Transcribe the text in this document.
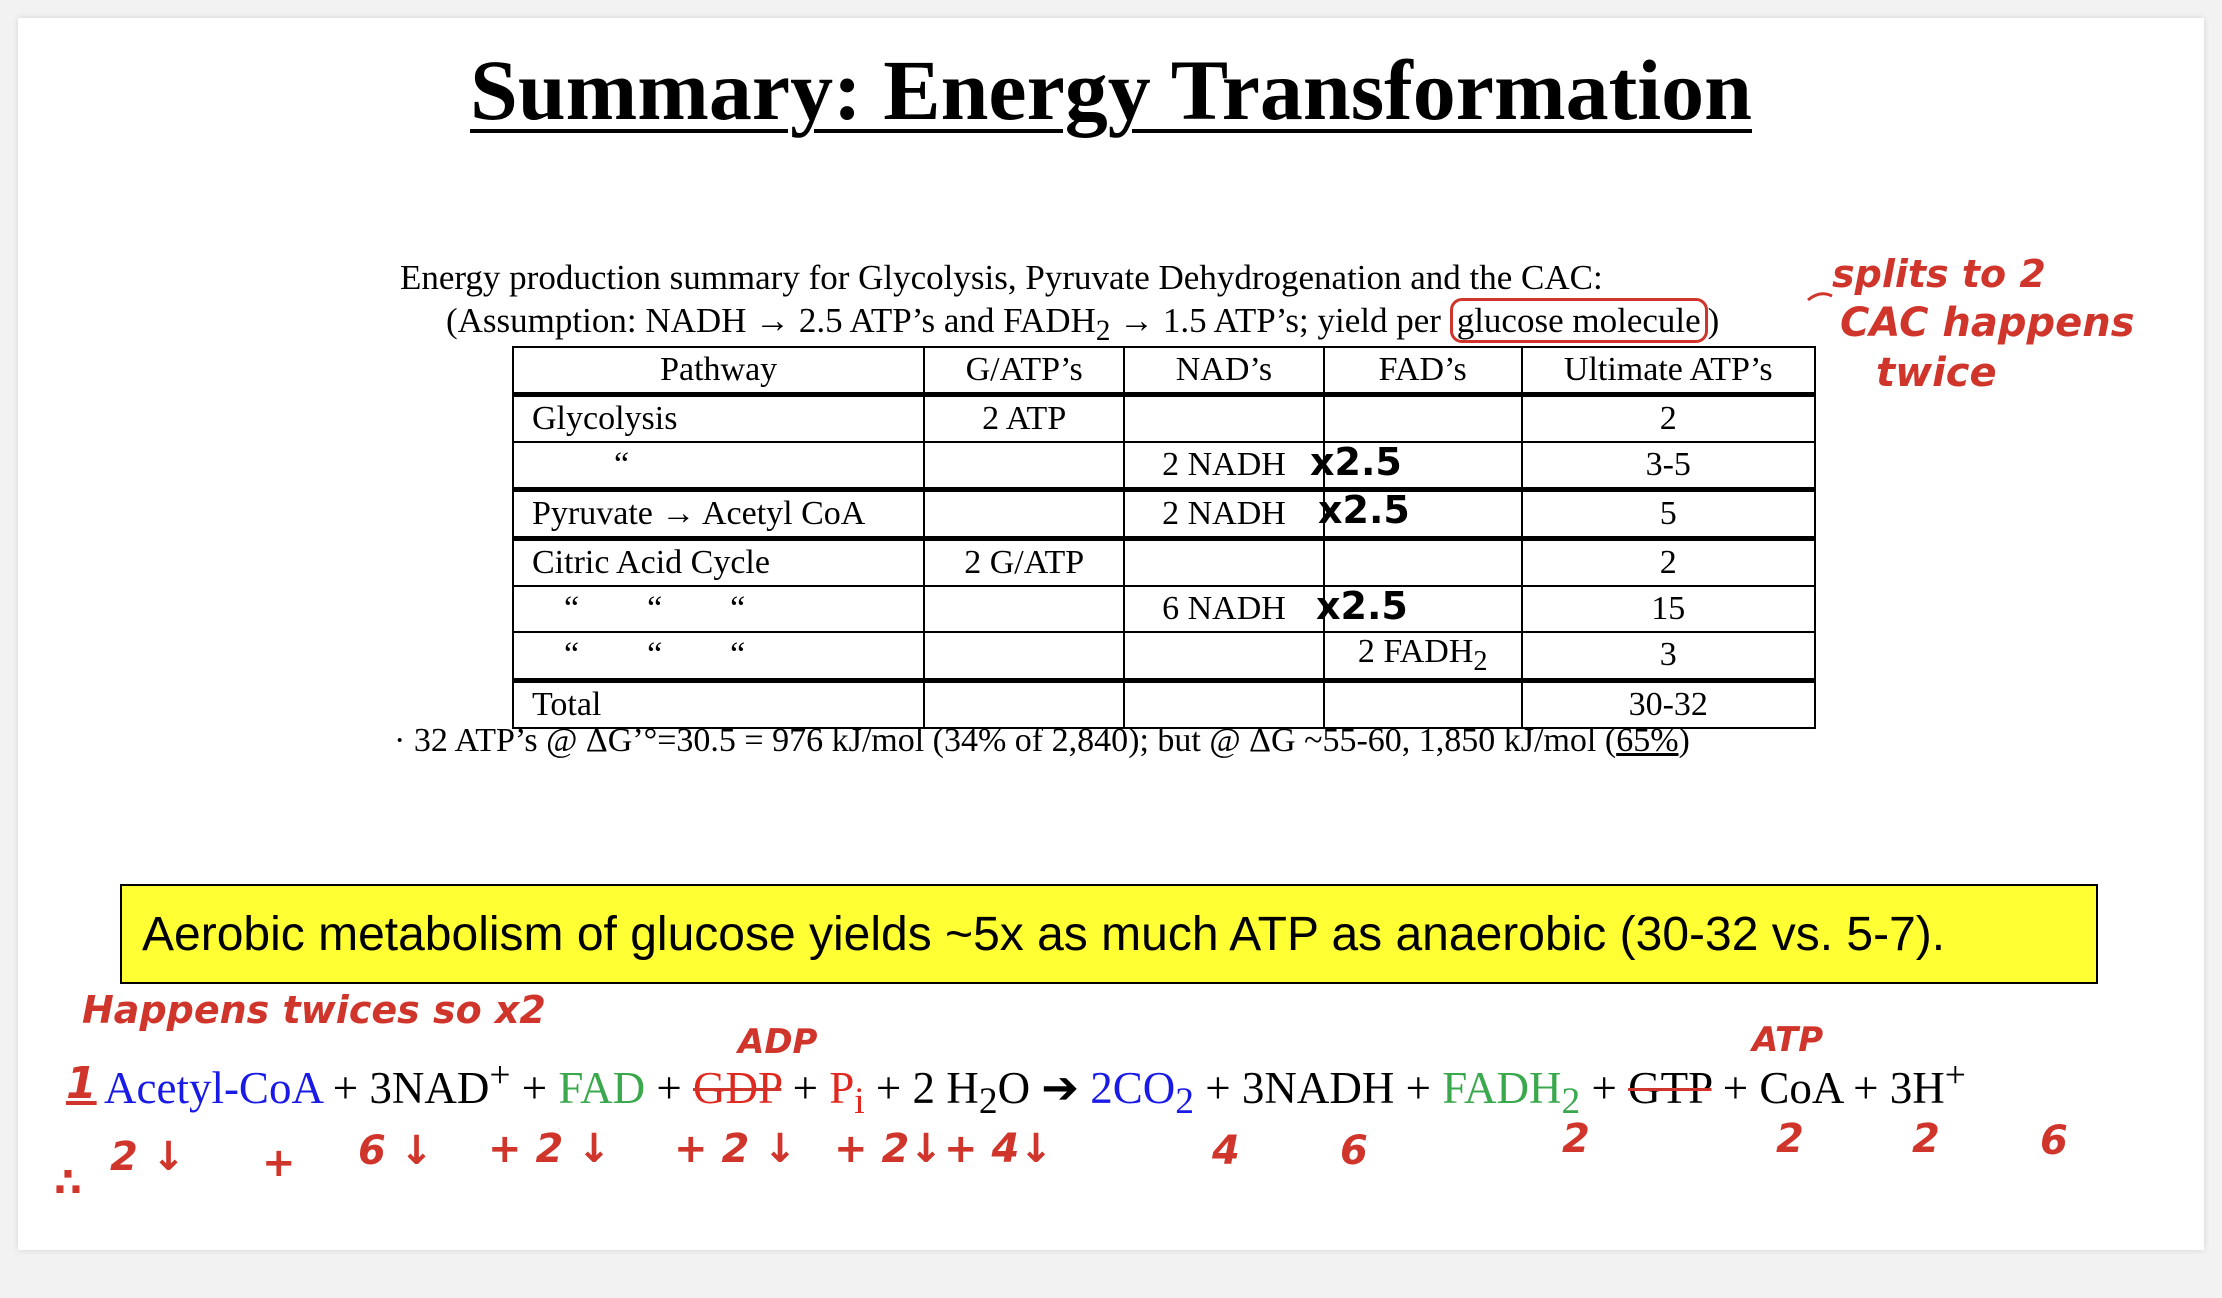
Summary: Energy Transformation
Energy production summary for Glycolysis, Pyruvate Dehydrogenation and the CAC:
(Assumption: NADH → 2.5 ATP’s and $FADH_2 \to 1.5$ ATP’s; yield per glucose molecule )
Pathway	G/ATP’s	NAD’s	FAD’s	Ultimate ATP’s
Glycolysis	2 ATP			2
“		2 NADH		3-5
Pyruvate → Acetyl CoA		2 NADH		5
Citric Acid Cycle	2 G/ATP			2
“        “        “		6 NADH		15
“        “        “			2 $FADH_2$	3
Total				30-32
· 32 ATP’s @ ΔG’°=30.5 = 976 kJ/mol (34% of 2,840); but @ ΔG ~55-60, 1,850 kJ/mol (65%)
Aerobic metabolism of glucose yields ~5x as much ATP as anaerobic (30-32 vs. 5-7).
Acetyl-CoA + 3NAD+ + FAD + GDP + $P_i + 2$ $H_2O$ ➔ $2CO_2$ + 3NADH + $FADH_2$ + GTP + CoA + 3H+
splits to 2
CAC happens
twice
x2.5
x2.5
x2.5
Happens twices so x2
ADP	ATP
1
∴
2 ↓ + 6 ↓ + 2 ↓ + 2 ↓ + 2↓ + 4↓	4	6	2	2	2	6
